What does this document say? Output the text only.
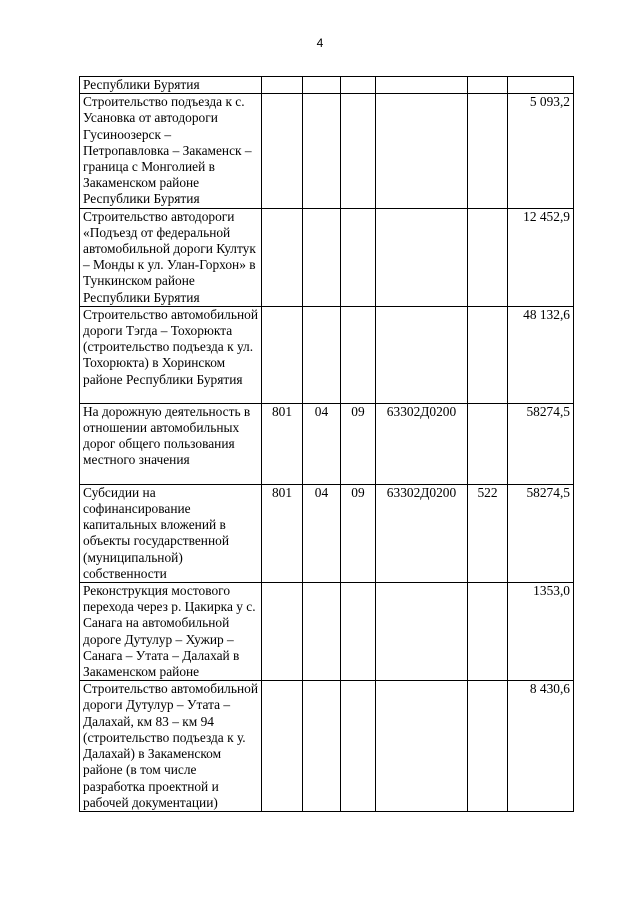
4
Республики Бурятия						
Строительство подъезда к с. Усановка от автодороги Гусиноозерск – Петропавловка – Закаменск – граница с Монголией в Закаменском районе Республики Бурятия						5 093,2
Строительство автодороги «Подъезд от федеральной автомобильной дороги Култук – Монды к ул. Улан-Горхон» в Тункинском районе Республики Бурятия						12 452,9
Строительство автомобильной дороги Тэгда – Тохорюкта (строительство подъезда к ул. Тохорюкта) в Хоринском районе Республики Бурятия						48 132,6
На дорожную деятельность в отношении автомобильных дорог общего пользования местного значения	801	04	09	63302Д0200		58274,5
Субсидии на софинансирование капитальных вложений в объекты государственной (муниципальной) собственности	801	04	09	63302Д0200	522	58274,5
Реконструкция мостового перехода через р. Цакирка у с. Санага на автомобильной дороге Дутулур – Хужир – Санага – Утата – Далахай в Закаменском районе						1353,0
Строительство автомобильной дороги Дутулур – Утата – Далахай, км 83 – км 94 (строительство подъезда к у. Далахай) в Закаменском районе (в том числе разработка проектной и рабочей документации)						8 430,6
